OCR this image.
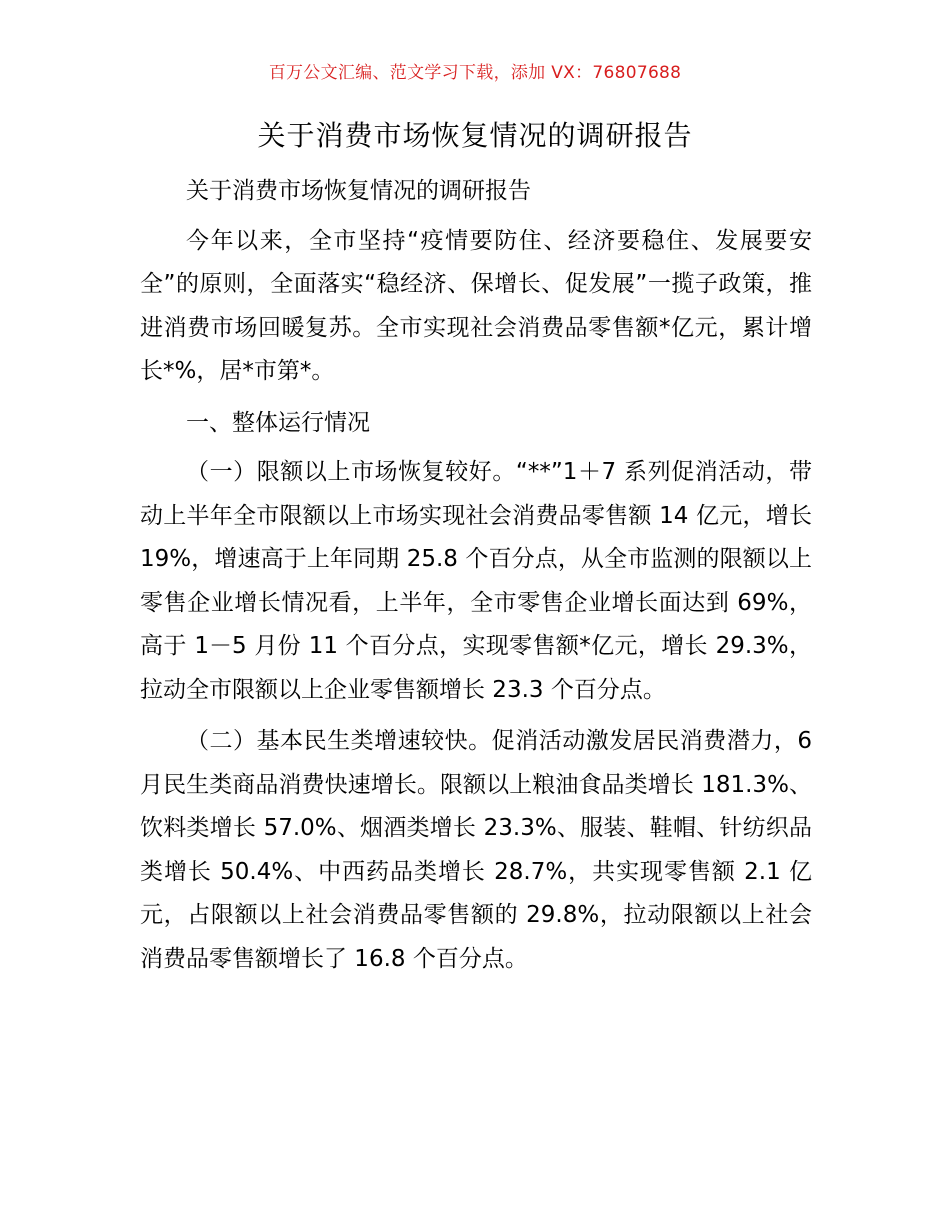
百万公文汇编、范文学习下载，添加 VX：76807688
关于消费市场恢复情况的调研报告

关于消费市场恢复情况的调研报告

今年以来，全市坚持“疫情要防住、经济要稳住、发展要安全”的原则，全面落实“稳经济、保增长、促发展”一揽子政策，推进消费市场回暖复苏。全市实现社会消费品零售额*亿元，累计增长*%，居*市第*。

一、整体运行情况

（一）限额以上市场恢复较好。“**”1＋7 系列促消活动，带动上半年全市限额以上市场实现社会消费品零售额 14 亿元，增长 19%，增速高于上年同期 25.8 个百分点，从全市监测的限额以上零售企业增长情况看，上半年，全市零售企业增长面达到 69%，高于 1－5 月份 11 个百分点，实现零售额*亿元，增长 29.3%，拉动全市限额以上企业零售额增长 23.3 个百分点。

（二）基本民生类增速较快。促消活动激发居民消费潜力，6 月民生类商品消费快速增长。限额以上粮油食品类增长 181.3%、饮料类增长 57.0%、烟酒类增长 23.3%、服装、鞋帽、针纺织品类增长 50.4%、中西药品类增长 28.7%，共实现零售额 2.1 亿元，占限额以上社会消费品零售额的 29.8%，拉动限额以上社会消费品零售额增长了 16.8 个百分点。
